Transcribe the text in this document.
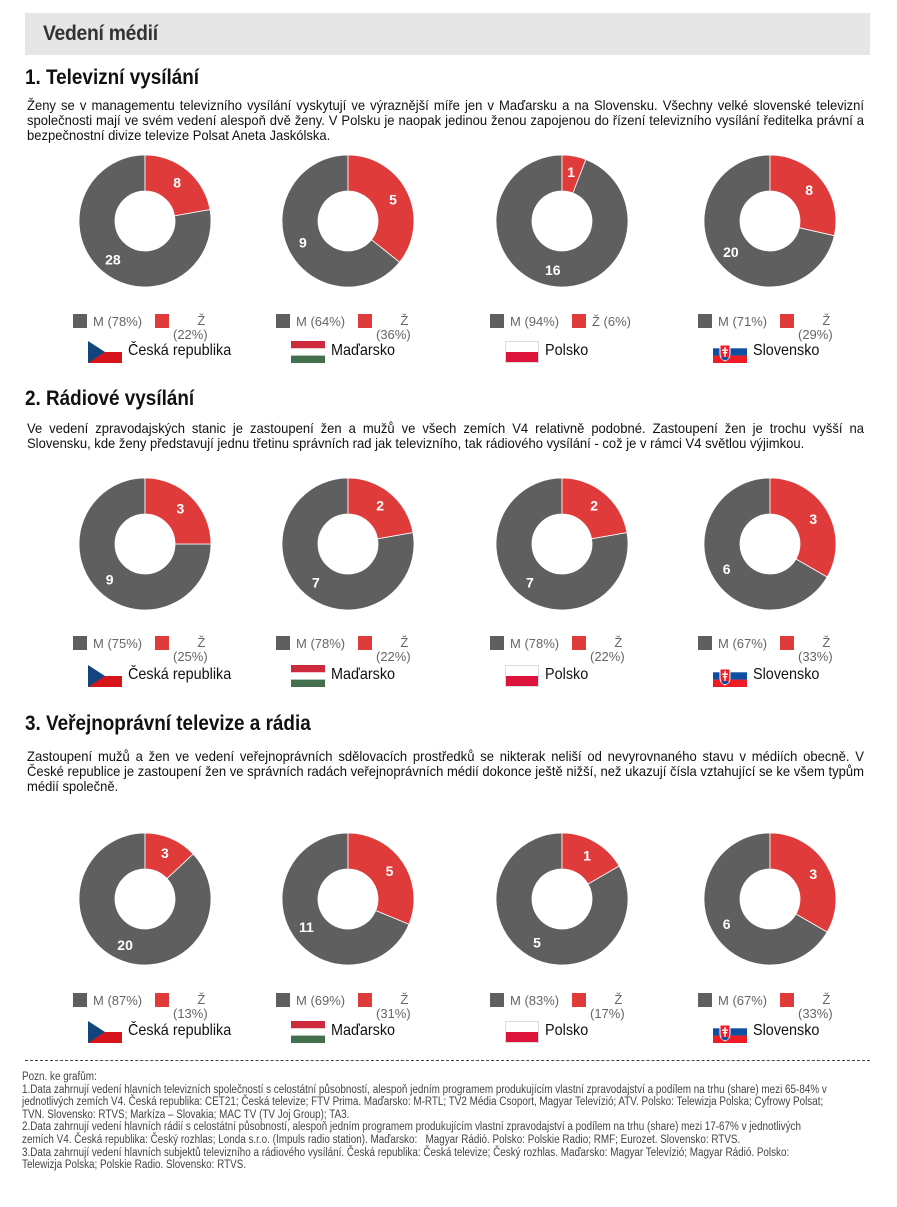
Vedení médií
1. Televizní vysílání
Ženy se v managementu televizního vysílání vyskytují ve výraznější míře jen v Maďarsku a na Slovensku. Všechny velké slovenské televizní společnosti mají ve svém vedení alespoň dvě ženy. V Polsku je naopak jedinou ženou zapojenou do řízení televizního vysílání ředitelka právní a bezpečnostní divize televize Polsat Aneta Jaskólska.
2. Rádiové vysílání
Ve vedení zpravodajských stanic je zastoupení žen a mužů ve všech zemích V4 relativně podobné. Zastoupení žen je trochu vyšší na Slovensku, kde ženy představují jednu třetinu správních rad jak televizního, tak rádiového vysílání - což je v rámci V4 světlou výjimkou.
3. Veřejnoprávní televize a rádia
Zastoupení mužů a žen ve vedení veřejnoprávních sdělovacích prostředků se nikterak neliší od nevyrovnaného stavu v médiích obecně. V České republice je zastoupení žen ve správních radách veřejnoprávních médií dokonce ještě nižší, než ukazují čísla vztahující se ke všem typům médií společně.
8
28
M (78%)	Ž
(22%)
Česká republika
5
9
M (64%)	Ž
(36%)
Maďarsko
1
16
M (94%)	Ž (6%)
Polsko
8
20
M (71%)	Ž
(29%)
Slovensko
3
9
M (75%)	Ž
(25%)
Česká republika
2
7
M (78%)	Ž
(22%)
Maďarsko
2
7
M (78%)	Ž
(22%)
Polsko
3
6
M (67%)	Ž
(33%)
Slovensko
3
20
M (87%)	Ž
(13%)
Česká republika
5
11
M (69%)	Ž
(31%)
Maďarsko
1
5
M (83%)	Ž
(17%)
Polsko
3
6
M (67%)	Ž
(33%)
Slovensko
Pozn. ke grafům:
1.Data zahrnují vedení hlavních televizních společností s celostátní působností, alespoň jedním programem produkujícím vlastní zpravodajství a podílem na trhu (share) mezi 65-84% v jednotlivých zemích V4. Česká republika: CET21; Česká televize; FTV Prima. Maďarsko: M-RTL; TV2 Média Csoport, Magyar Televízió; ATV. Polsko: Telewizja Polska; Cyfrowy Polsat; TVN. Slovensko: RTVS; Markíza – Slovakia; MAC TV (TV Joj Group); TA3.
2.Data zahrnují vedení hlavních rádií s celostátní působností, alespoň jedním programem produkujícím vlastní zpravodajství a podílem na trhu (share) mezi 17-67% v jednotlivých zemích V4. Česká republika: Český rozhlas; Londa s.r.o. (Impuls radio station). Maďarsko:   Magyar Rádió. Polsko: Polskie Radio; RMF; Eurozet. Slovensko: RTVS.
3.Data zahrnují vedení hlavních subjektů televizního a rádiového vysílání. Česká republika: Česká televize; Český rozhlas. Maďarsko: Magyar Televízió; Magyar Rádió. Polsko: Telewizja Polska; Polskie Radio. Slovensko: RTVS.
